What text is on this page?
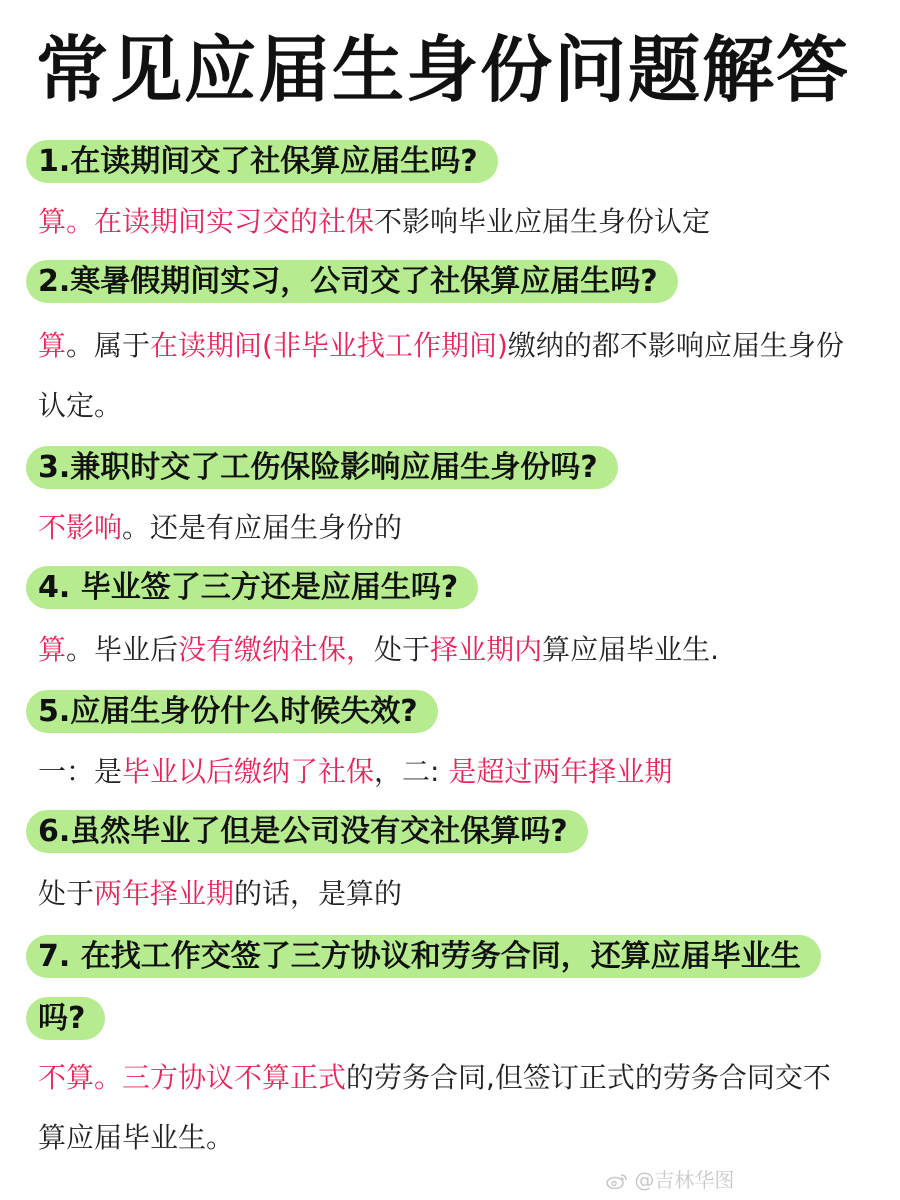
常见应届生身份问题解答
1.在读期间交了社保算应届生吗?
算。在读期间实习交的社保不影响毕业应届生身份认定
2.寒暑假期间实习，公司交了社保算应届生吗?
算。属于在读期间(非毕业找工作期间)缴纳的都不影响应届生身份认定。
3.兼职时交了工伤保险影响应届生身份吗?
不影响。还是有应届生身份的
4. 毕业签了三方还是应届生吗?
算。毕业后没有缴纳社保，处于择业期内算应届毕业生.
5.应届生身份什么时候失效?
一：是毕业以后缴纳了社保，二: 是超过两年择业期
6.虽然毕业了但是公司没有交社保算吗?
处于两年择业期的话，是算的
7. 在找工作交签了三方协议和劳务合同，还算应届毕业生吗?
不算。三方协议不算正式的劳务合同,但签订正式的劳务合同交不算应届毕业生。
@吉林华图
